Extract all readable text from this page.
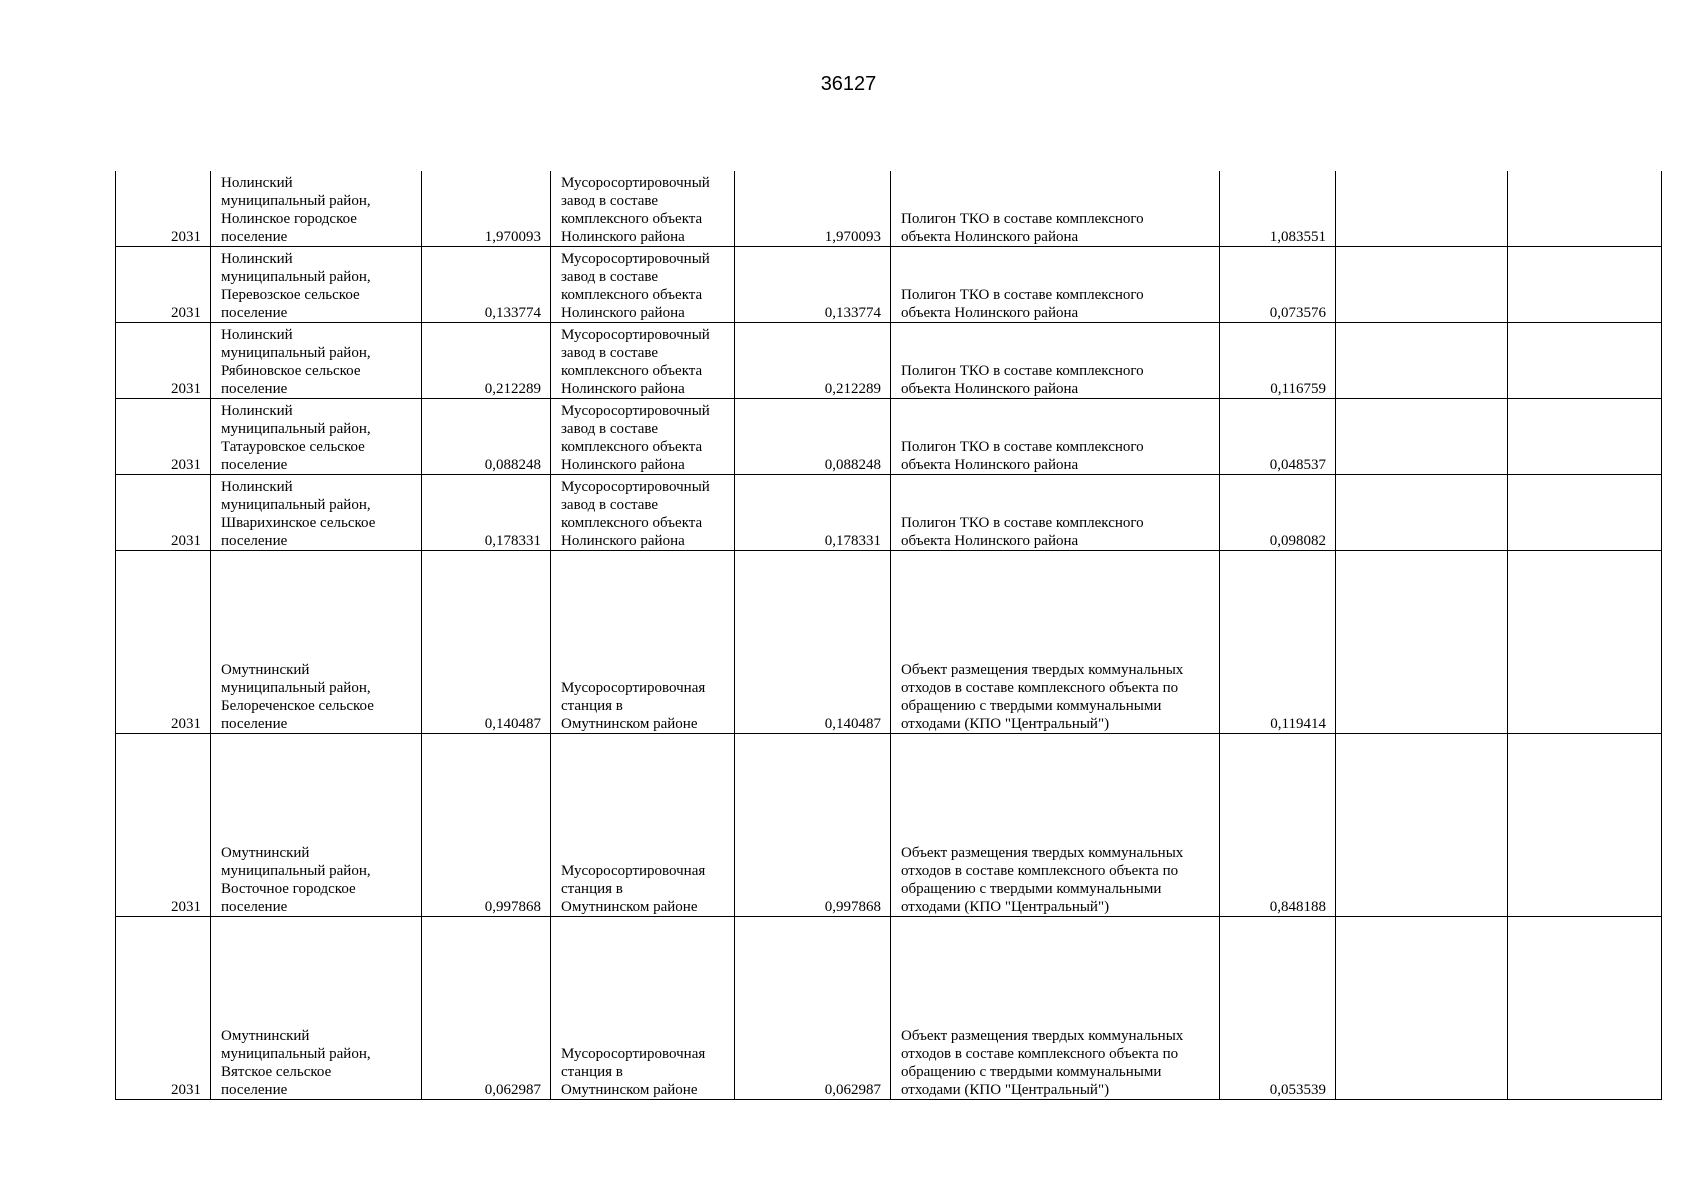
36127
2031	Нолинский
муниципальный район,
Нолинское городское
поселение	1,970093	Мусоросортировочный
завод в составе
комплексного объекта
Нолинского района	1,970093	Полигон ТКО в составе комплексного
объекта Нолинского района	1,083551		
2031	Нолинский
муниципальный район,
Перевозское сельское
поселение	0,133774	Мусоросортировочный
завод в составе
комплексного объекта
Нолинского района	0,133774	Полигон ТКО в составе комплексного
объекта Нолинского района	0,073576		
2031	Нолинский
муниципальный район,
Рябиновское сельское
поселение	0,212289	Мусоросортировочный
завод в составе
комплексного объекта
Нолинского района	0,212289	Полигон ТКО в составе комплексного
объекта Нолинского района	0,116759		
2031	Нолинский
муниципальный район,
Татауровское сельское
поселение	0,088248	Мусоросортировочный
завод в составе
комплексного объекта
Нолинского района	0,088248	Полигон ТКО в составе комплексного
объекта Нолинского района	0,048537		
2031	Нолинский
муниципальный район,
Шварихинское сельское
поселение	0,178331	Мусоросортировочный
завод в составе
комплексного объекта
Нолинского района	0,178331	Полигон ТКО в составе комплексного
объекта Нолинского района	0,098082		
2031	Омутнинский
муниципальный район,
Белореченское сельское
поселение	0,140487	Мусоросортировочная
станция в
Омутнинском районе	0,140487	Объект размещения твердых коммунальных
отходов в составе комплексного объекта по
обращению с твердыми коммунальными
отходами (КПО "Центральный")	0,119414		
2031	Омутнинский
муниципальный район,
Восточное городское
поселение	0,997868	Мусоросортировочная
станция в
Омутнинском районе	0,997868	Объект размещения твердых коммунальных
отходов в составе комплексного объекта по
обращению с твердыми коммунальными
отходами (КПО "Центральный")	0,848188		
2031	Омутнинский
муниципальный район,
Вятское сельское
поселение	0,062987	Мусоросортировочная
станция в
Омутнинском районе	0,062987	Объект размещения твердых коммунальных
отходов в составе комплексного объекта по
обращению с твердыми коммунальными
отходами (КПО "Центральный")	0,053539		
